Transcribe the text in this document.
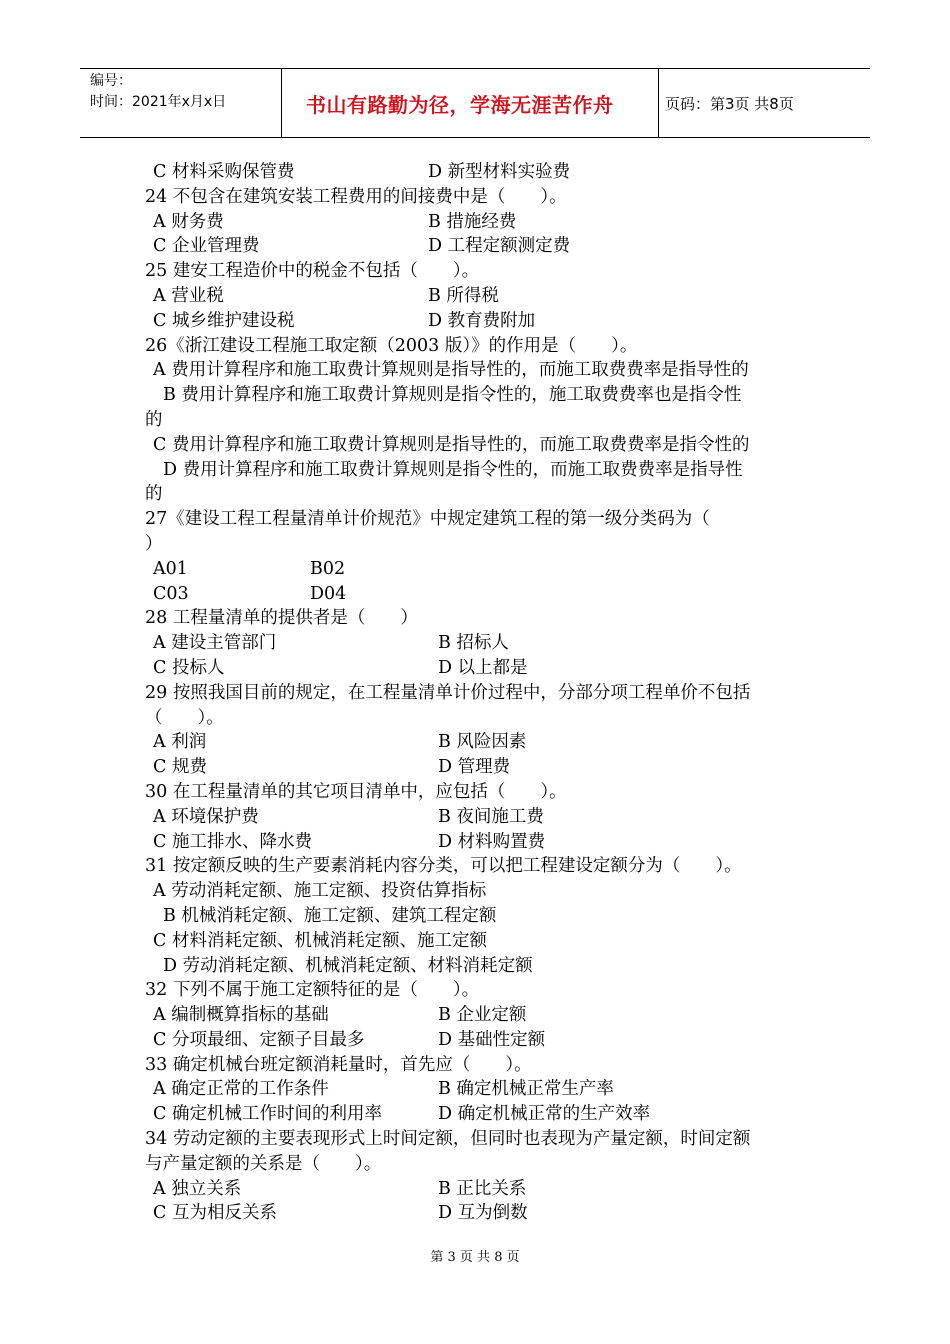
编号：
时间：2021年x月x日	书山有路勤为径，学海无涯苦作舟	页码：第3页 共8页
C 材料采购保管费	D 新型材料实验费
24 不包含在建筑安装工程费用的间接费中是（　　）。
A 财务费	B 措施经费
C 企业管理费	D 工程定额测定费
25 建安工程造价中的税金不包括（　　）。
A 营业税	B 所得税
C 城乡维护建设税	D 教育费附加
26《浙江建设工程施工取定额（2003 版）》的作用是（　　）。
A 费用计算程序和施工取费计算规则是指导性的，而施工取费费率是指导性的
B 费用计算程序和施工取费计算规则是指令性的，施工取费费率也是指令性
的
C 费用计算程序和施工取费计算规则是指导性的，而施工取费费率是指令性的
D 费用计算程序和施工取费计算规则是指令性的，而施工取费费率是指导性
的
27《建设工程工程量清单计价规范》中规定建筑工程的第一级分类码为（
）
A01	B02
C03	D04
28 工程量清单的提供者是（　　）
A 建设主管部门	B 招标人
C 投标人	D 以上都是
29 按照我国目前的规定，在工程量清单计价过程中，分部分项工程单价不包括
（　　）。
A 利润	B 风险因素
C 规费	D 管理费
30 在工程量清单的其它项目清单中，应包括（　　）。
A 环境保护费	B 夜间施工费
C 施工排水、降水费	D 材料购置费
31 按定额反映的生产要素消耗内容分类，可以把工程建设定额分为（　　）。
A 劳动消耗定额、施工定额、投资估算指标
B 机械消耗定额、施工定额、建筑工程定额
C 材料消耗定额、机械消耗定额、施工定额
D 劳动消耗定额、机械消耗定额、材料消耗定额
32 下列不属于施工定额特征的是（　　）。
A 编制概算指标的基础	B 企业定额
C 分项最细、定额子目最多	D 基础性定额
33 确定机械台班定额消耗量时，首先应（　　）。
A 确定正常的工作条件	B 确定机械正常生产率
C 确定机械工作时间的利用率	D 确定机械正常的生产效率
34 劳动定额的主要表现形式上时间定额，但同时也表现为产量定额，时间定额
与产量定额的关系是（　　）。
A 独立关系	B 正比关系
C 互为相反关系	D 互为倒数
第 3 页 共 8 页
